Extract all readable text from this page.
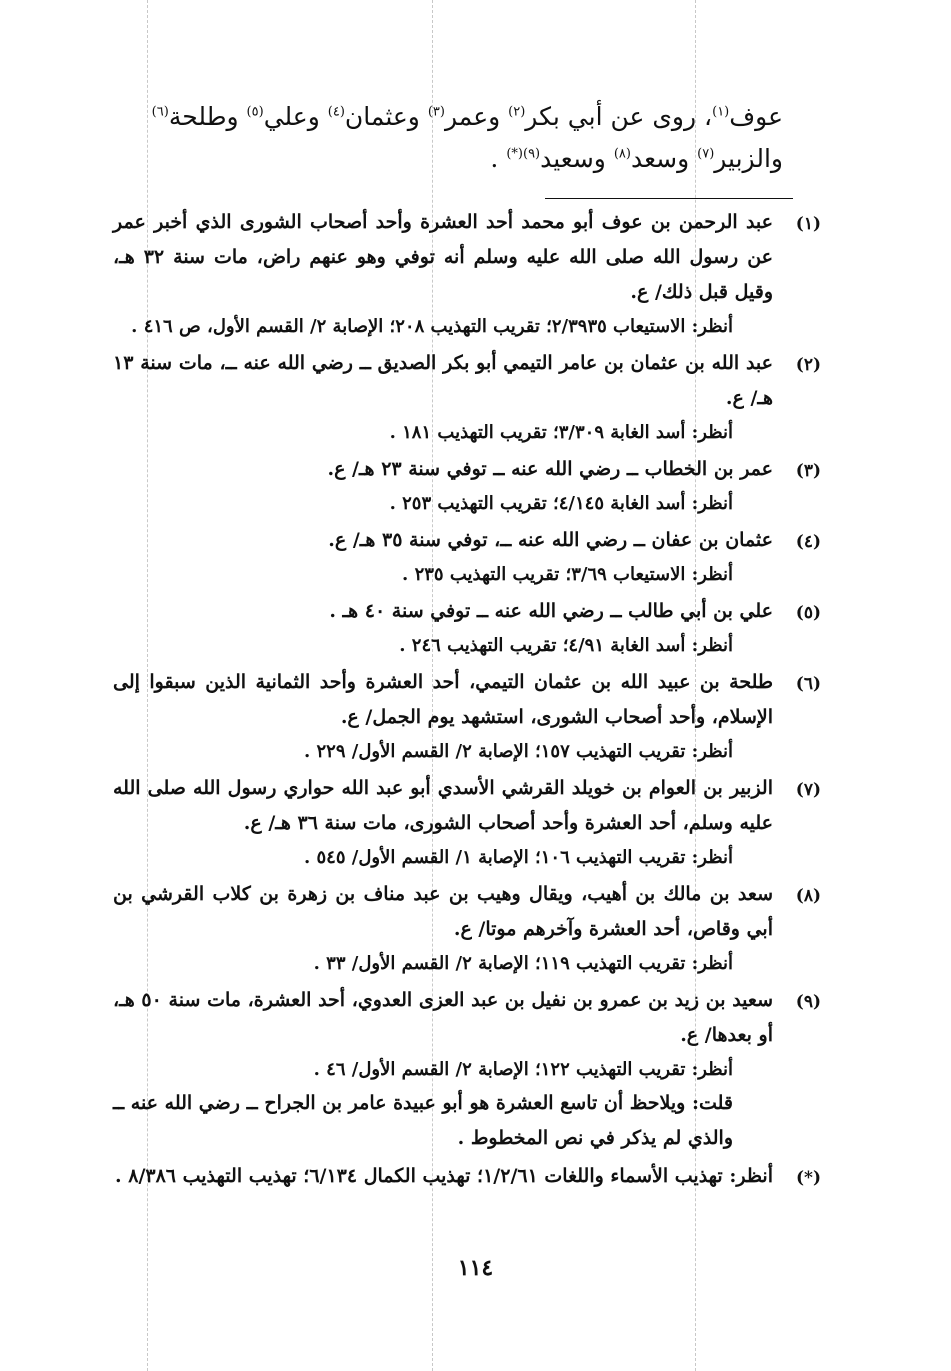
عوف$^{(١)}$، روى عن أبي بكر$^{(٢)}$ وعمر$^{(٣)}$ وعثمان$^{(٤)}$ وعلي$^{(٥)}$ وطلحة$^{(٦)}$
والزبير$^{(٧)}$ وسعد$^{(٨)}$ وسعيد$^{(٩)(*)}$ .
(١)
عبد الرحمن بن عوف أبو محمد أحد العشرة وأحد أصحاب الشورى الذي أخبر عمر عن رسول الله صلى الله عليه وسلم أنه توفي وهو عنهم راض، مات سنة ٣٢ هـ، وقيل قبل ذلك/ ع.
أنظر: الاستيعاب ٢/٣٩٣٥؛ تقريب التهذيب ٢٠٨؛ الإصابة ٢/ القسم الأول، ص ٤١٦ .
(٢)
عبد الله بن عثمان بن عامر التيمي أبو بكر الصديق ــ رضي الله عنه ــ، مات سنة ١٣ هـ/ ع.
أنظر: أسد الغابة ٣/٣٠٩؛ تقريب التهذيب ١٨١ .
(٣)
عمر بن الخطاب ــ رضي الله عنه ــ توفي سنة ٢٣ هـ/ ع.
أنظر: أسد الغابة ٤/١٤٥؛ تقريب التهذيب ٢٥٣ .
(٤)
عثمان بن عفان ــ رضي الله عنه ــ، توفي سنة ٣٥ هـ/ ع.
أنظر: الاستيعاب ٣/٦٩؛ تقريب التهذيب ٢٣٥ .
(٥)
علي بن أبي طالب ــ رضي الله عنه ــ توفي سنة ٤٠ هـ .
أنظر: أسد الغابة ٤/٩١؛ تقريب التهذيب ٢٤٦ .
(٦)
طلحة بن عبيد الله بن عثمان التيمي، أحد العشرة وأحد الثمانية الذين سبقوا إلى الإسلام، وأحد أصحاب الشورى، استشهد يوم الجمل/ ع.
أنظر: تقريب التهذيب ١٥٧؛ الإصابة ٢/ القسم الأول/ ٢٢٩ .
(٧)
الزبير بن العوام بن خويلد القرشي الأسدي أبو عبد الله حواري رسول الله صلى الله عليه وسلم، أحد العشرة وأحد أصحاب الشورى، مات سنة ٣٦ هـ/ ع.
أنظر: تقريب التهذيب ١٠٦؛ الإصابة ١/ القسم الأول/ ٥٤٥ .
(٨)
سعد بن مالك بن أهيب، ويقال وهيب بن عبد مناف بن زهرة بن كلاب القرشي بن أبي وقاص، أحد العشرة وآخرهم موتا/ ع.
أنظر: تقريب التهذيب ١١٩؛ الإصابة ٢/ القسم الأول/ ٣٣ .
(٩)
سعيد بن زيد بن عمرو بن نفيل بن عبد العزى العدوي، أحد العشرة، مات سنة ٥٠ هـ، أو بعدها/ ع.
أنظر: تقريب التهذيب ١٢٢؛ الإصابة ٢/ القسم الأول/ ٤٦ .
قلت: ويلاحظ أن تاسع العشرة هو أبو عبيدة عامر بن الجراح ــ رضي الله عنه ــ والذي لم يذكر في نص المخطوط .
(*)
أنظر: تهذيب الأسماء واللغات ١/٢/٦١؛ تهذيب الكمال ٦/١٣٤؛ تهذيب التهذيب ٨/٣٨٦ .
١١٤
